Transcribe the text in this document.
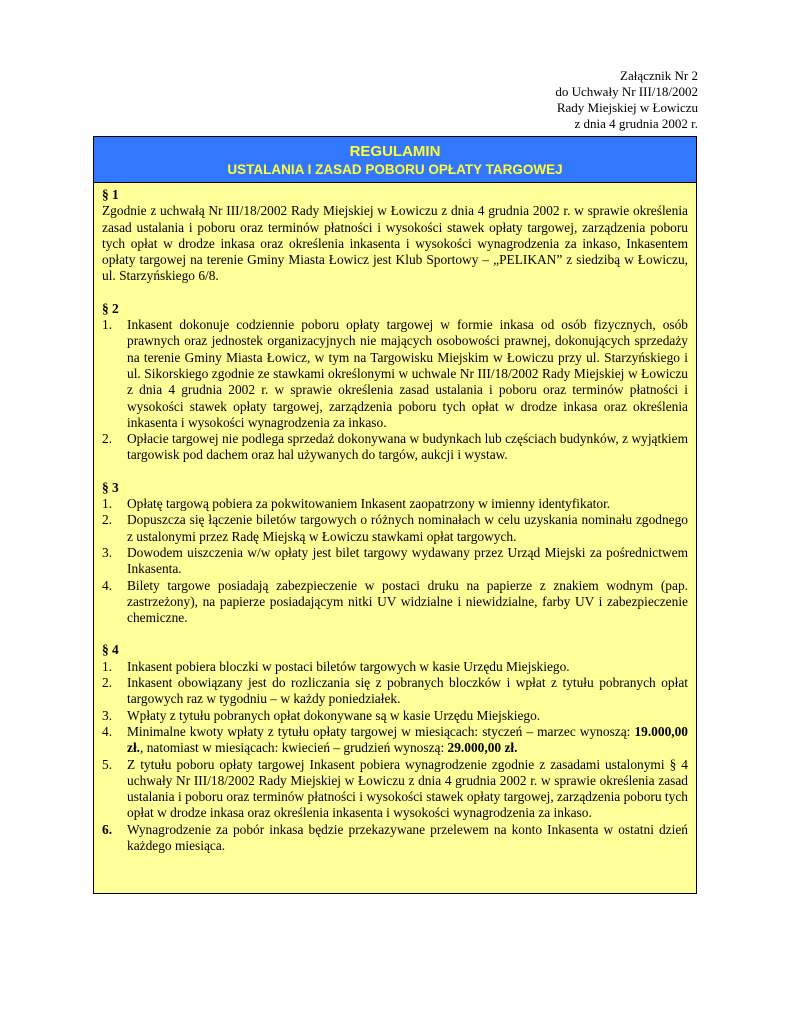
Załącznik Nr 2
do Uchwały Nr III/18/2002
Rady Miejskiej w Łowiczu
z dnia 4 grudnia 2002 r.
REGULAMIN
USTALANIA I ZASAD POBORU OPŁATY TARGOWEJ

§ 1

Zgodnie z uchwałą Nr III/18/2002 Rady Miejskiej w Łowiczu z dnia 4 grudnia 2002 r. w sprawie określenia zasad ustalania i poboru oraz terminów płatności i wysokości stawek opłaty targowej, zarządzenia poboru tych opłat w drodze inkasa oraz określenia inkasenta i wysokości wynagrodzenia za inkaso, Inkasentem opłaty targowej na terenie Gminy Miasta Łowicz jest Klub Sportowy – „PELIKAN” z siedzibą w Łowiczu, ul. Starzyńskiego 6/8.

§ 2

1. Inkasent dokonuje codziennie poboru opłaty targowej w formie inkasa od osób fizycznych, osób prawnych oraz jednostek organizacyjnych nie mających osobowości prawnej, dokonujących sprzedaży na terenie Gminy Miasta Łowicz, w tym na Targowisku Miejskim w Łowiczu przy ul. Starzyńskiego i ul. Sikorskiego zgodnie ze stawkami określonymi w uchwale Nr III/18/2002 Rady Miejskiej w Łowiczu z dnia 4 grudnia 2002 r. w sprawie określenia zasad ustalania i poboru oraz terminów płatności i wysokości stawek opłaty targowej, zarządzenia poboru tych opłat w drodze inkasa oraz określenia inkasenta i wysokości wynagrodzenia za inkaso.
2. Opłacie targowej nie podlega sprzedaż dokonywana w budynkach lub częściach budynków, z wyjątkiem targowisk pod dachem oraz hal używanych do targów, aukcji i wystaw.

§ 3

1. Opłatę targową pobiera za pokwitowaniem Inkasent zaopatrzony w imienny identyfikator.
2. Dopuszcza się łączenie biletów targowych o różnych nominałach w celu uzyskania nominału zgodnego z ustalonymi przez Radę Miejską w Łowiczu stawkami opłat targowych.
3. Dowodem uiszczenia w/w opłaty jest bilet targowy wydawany przez Urząd Miejski za pośrednictwem Inkasenta.
4. Bilety targowe posiadają zabezpieczenie w postaci druku na papierze z znakiem wodnym (pap. zastrzeżony), na papierze posiadającym nitki UV widzialne i niewidzialne, farby UV i zabezpieczenie chemiczne.

§ 4

1. Inkasent pobiera bloczki w postaci biletów targowych w kasie Urzędu Miejskiego.
2. Inkasent obowiązany jest do rozliczania się z pobranych bloczków i wpłat z tytułu pobranych opłat targowych raz w tygodniu – w każdy poniedziałek.
3. Wpłaty z tytułu pobranych opłat dokonywane są w kasie Urzędu Miejskiego.
4. Minimalne kwoty wpłaty z tytułu opłaty targowej w miesiącach: styczeń – marzec wynoszą: 19.000,00 zł., natomiast w miesiącach: kwiecień – grudzień wynoszą: 29.000,00 zł.
5. Z tytułu poboru opłaty targowej Inkasent pobiera wynagrodzenie zgodnie z zasadami ustalonymi § 4 uchwały Nr III/18/2002 Rady Miejskiej w Łowiczu z dnia 4 grudnia 2002 r. w sprawie określenia zasad ustalania i poboru oraz terminów płatności i wysokości stawek opłaty targowej, zarządzenia poboru tych opłat w drodze inkasa oraz określenia inkasenta i wysokości wynagrodzenia za inkaso.
6. Wynagrodzenie za pobór inkasa będzie przekazywane przelewem na konto Inkasenta w ostatni dzień każdego miesiąca.
